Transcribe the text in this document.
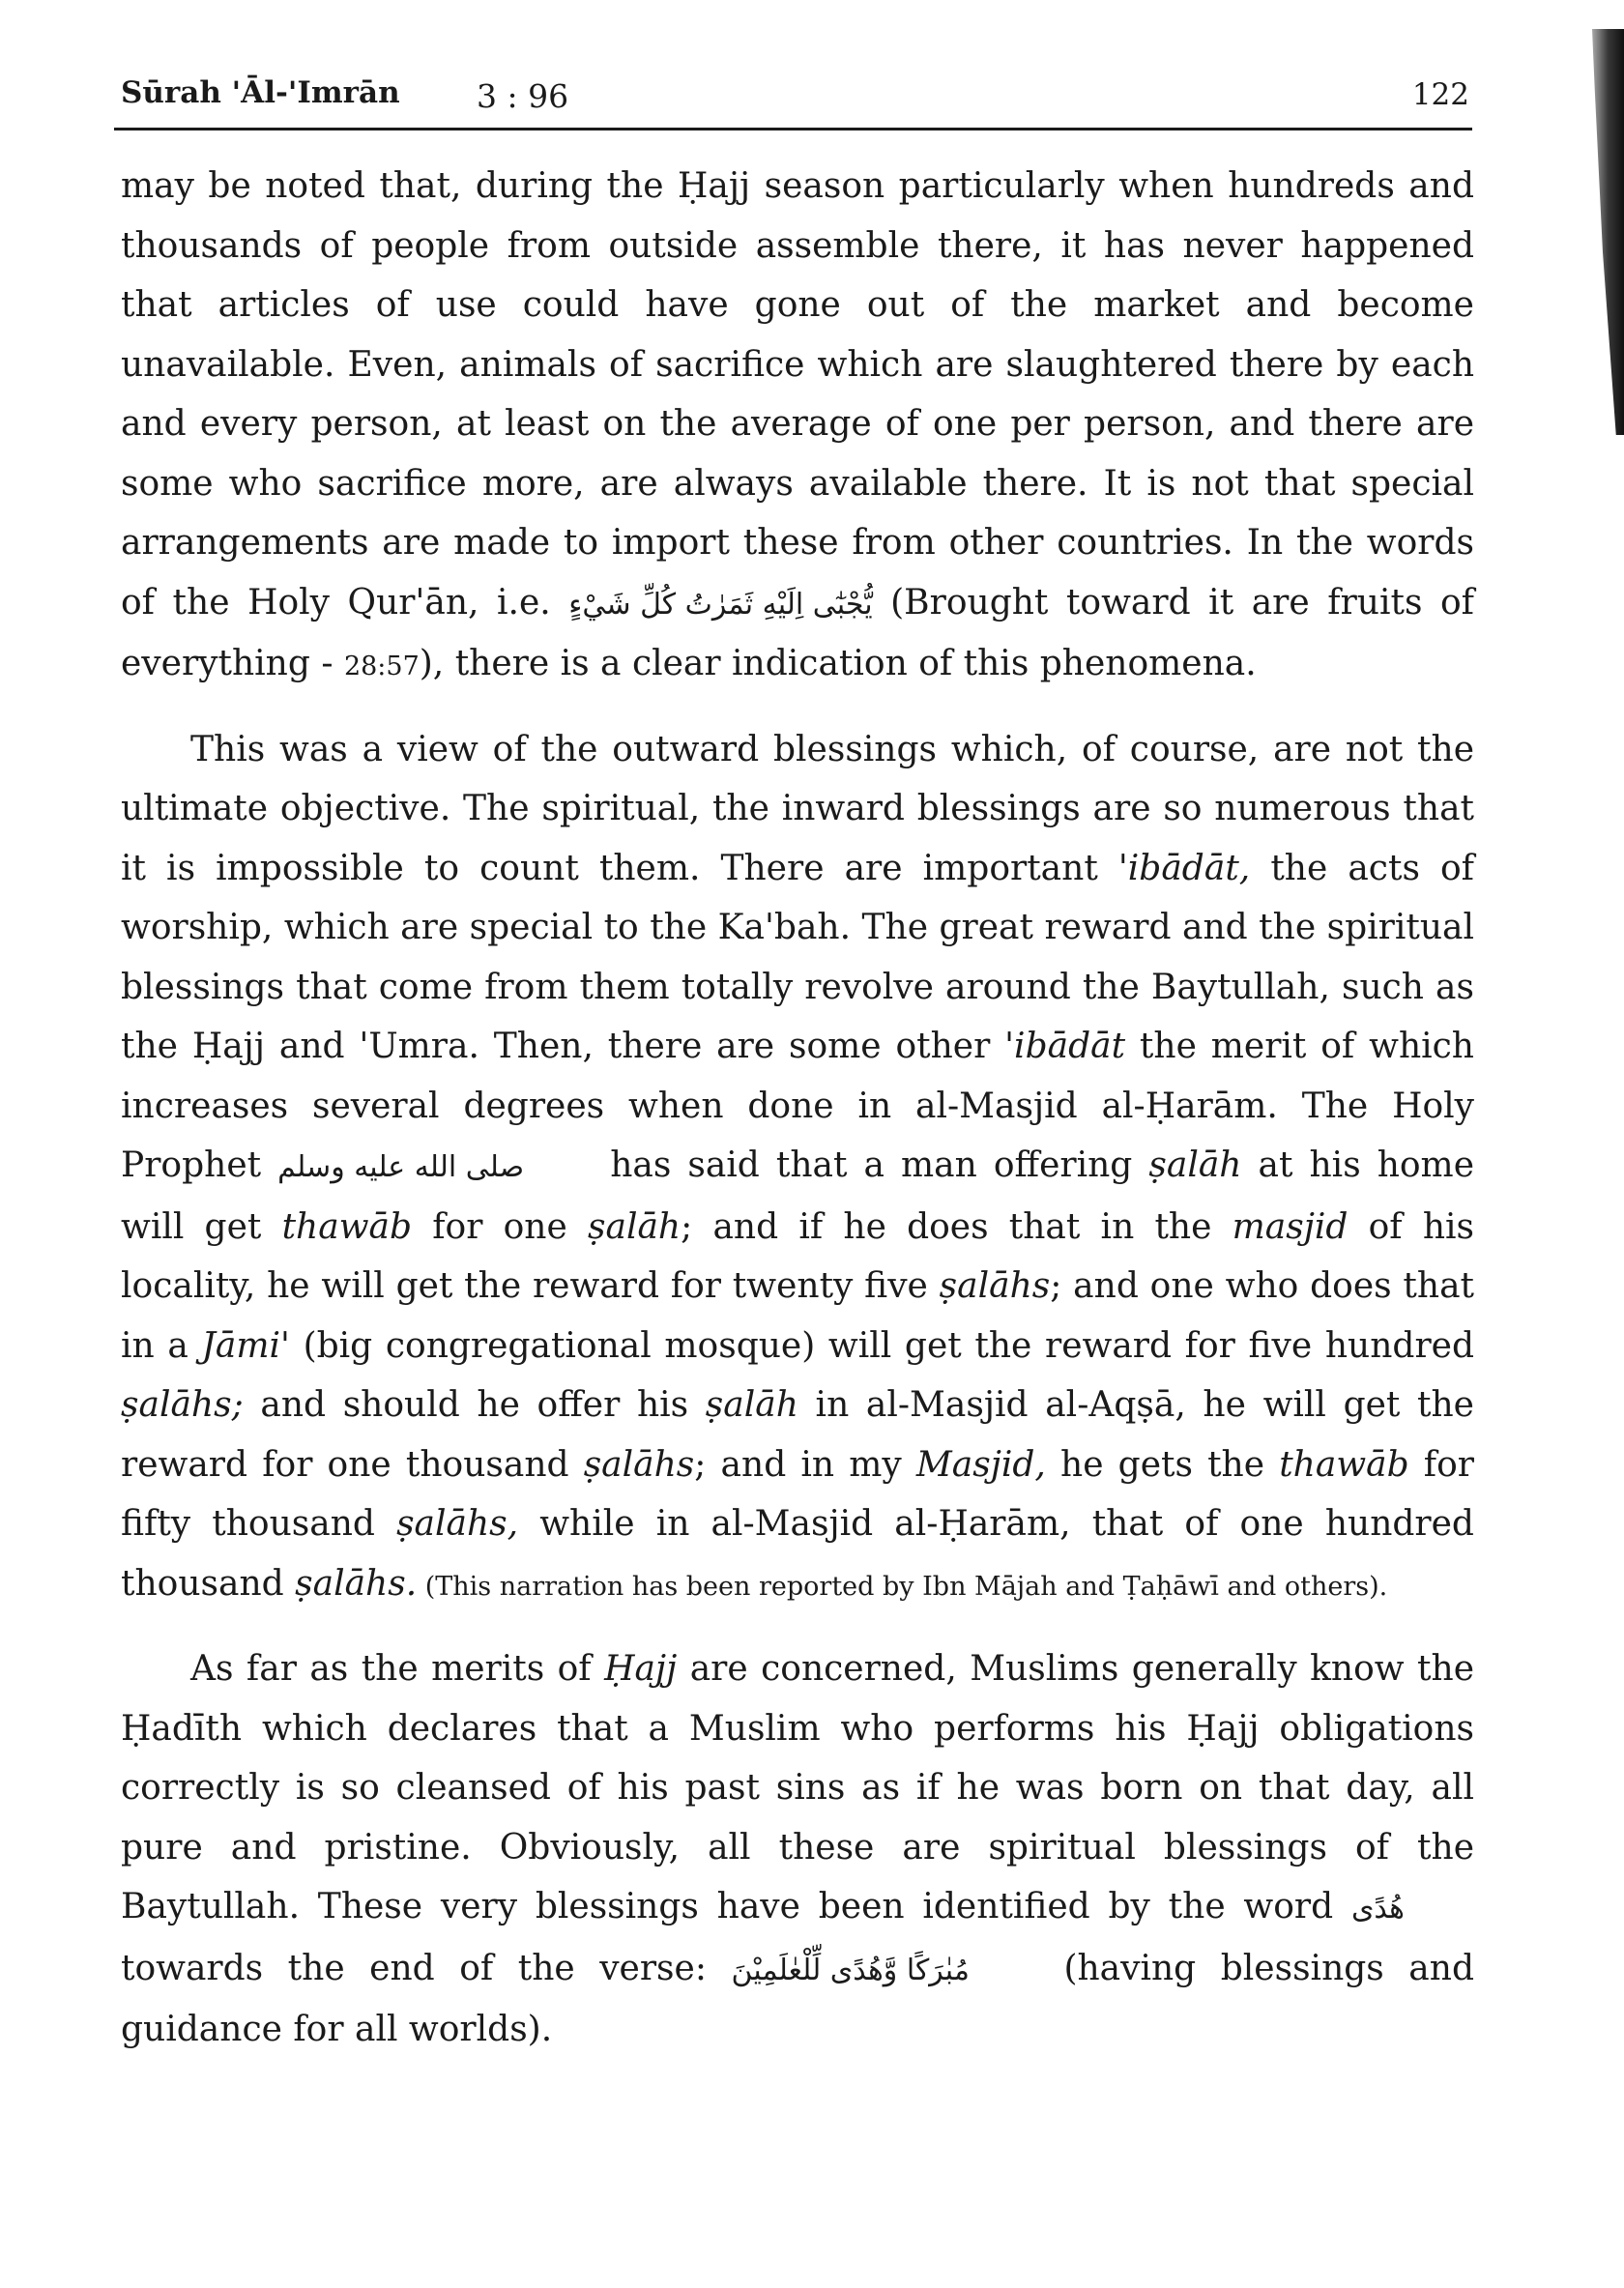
Sūrah 'Āl-'Imrān 3 : 96	122

may be noted that, during the Ḥajj season particularly when hundreds and thousands of people from outside assemble there, it has never happened that articles of use could have gone out of the market and become unavailable. Even, animals of sacrifice which are slaughtered there by each and every person, at least on the average of one per person, and there are some who sacrifice more, are always available there. It is not that special arrangements are made to import these from other countries. In the words of the Holy Qur'ān, i.e. يُّجْبٰٓى اِلَيْهِ ثَمَرٰتُ كُلِّ شَيْءٍ (Brought toward it are fruits of everything - 28:57), there is a clear indication of this phenomena.

This was a view of the outward blessings which, of course, are not the ultimate objective. The spiritual, the inward blessings are so numerous that it is impossible to count them. There are important 'ibādāt, the acts of worship, which are special to the Ka'bah. The great reward and the spiritual blessings that come from them totally revolve around the Baytullah, such as the Ḥajj and 'Umra. Then, there are some other 'ibādāt the merit of which increases several degrees when done in al-Masjid al-Ḥarām. The Holy Prophet صلى الله عليه وسلم has said that a man offering ṣalāh at his home will get thawāb for one ṣalāh; and if he does that in the masjid of his locality, he will get the reward for twenty five ṣalāhs; and one who does that in a Jāmi' (big congregational mosque) will get the reward for five hundred ṣalāhs; and should he offer his ṣalāh in al-Masjid al-Aqṣā, he will get the reward for one thousand ṣalāhs; and in my Masjid, he gets the thawāb for fifty thousand ṣalāhs, while in al-Masjid al-Ḥarām, that of one hundred thousand ṣalāhs. (This narration has been reported by Ibn Mājah and Ṭaḥāwī and others).

As far as the merits of Ḥajj are concerned, Muslims generally know the Ḥadīth which declares that a Muslim who performs his Ḥajj obligations correctly is so cleansed of his past sins as if he was born on that day, all pure and pristine. Obviously, all these are spiritual blessings of the Baytullah. These very blessings have been identified by the word هُدًى towards the end of the verse: مُبٰرَكًا وَّهُدًى لِّلْعٰلَمِيْنَ (having blessings and guidance for all worlds).
